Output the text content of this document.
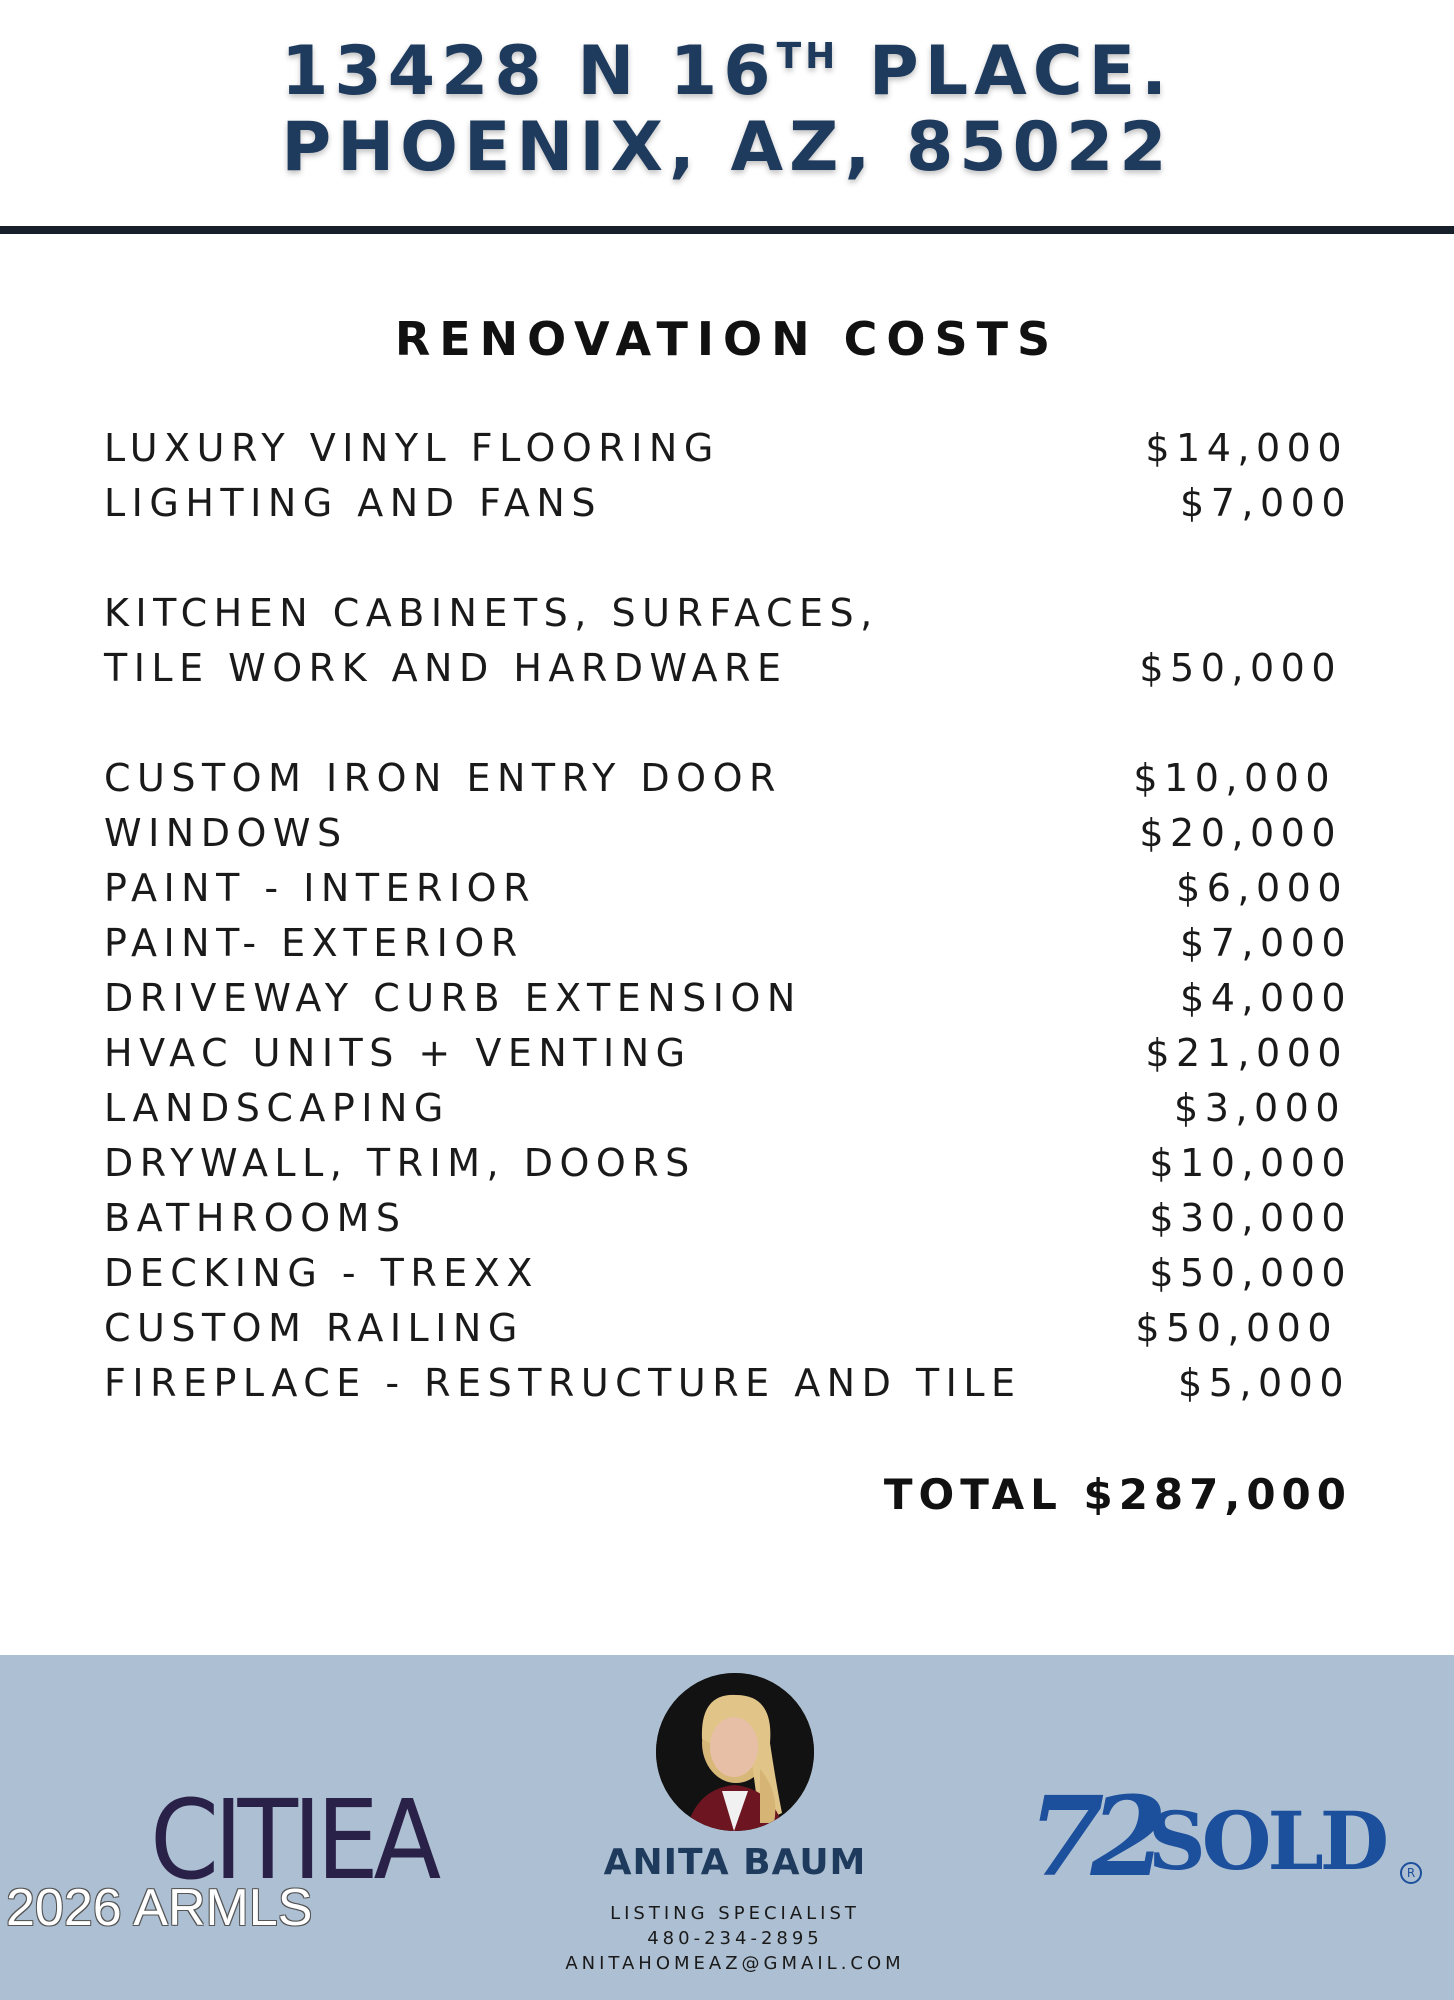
13428 N 16TH PLACE.
PHOENIX, AZ, 85022
RENOVATION COSTS
LUXURY VINYL FLOORING	$14,000
LIGHTING AND FANS	$7,000
KITCHEN CABINETS, SURFACES,
TILE WORK AND HARDWARE	$50,000
CUSTOM IRON ENTRY DOOR	$10,000
WINDOWS	$20,000
PAINT - INTERIOR	$6,000
PAINT- EXTERIOR	$7,000
DRIVEWAY CURB EXTENSION	$4,000
HVAC UNITS + VENTING	$21,000
LANDSCAPING	$3,000
DRYWALL, TRIM, DOORS	$10,000
BATHROOMS	$30,000
DECKING - TREXX	$50,000
CUSTOM RAILING	$50,000
FIREPLACE - RESTRUCTURE AND TILE	$5,000
TOTAL $287,000
CITIEA	ANITA BAUM
LISTING SPECIALIST
480-234-2895
ANITAHOMEAZ@GMAIL.COM
72
SOLD	R
2026 ARMLS
